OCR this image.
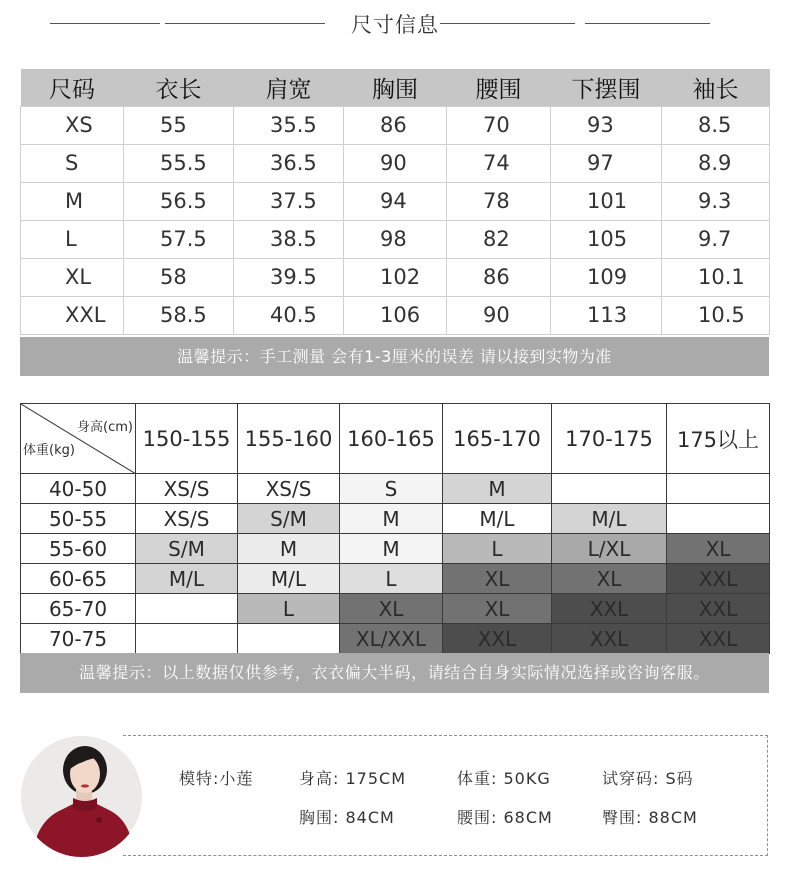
尺寸信息
尺码	衣长	肩宽	胸围	腰围	下摆围	袖长
XS	55	35.5	86	70	93	8.5
S	55.5	36.5	90	74	97	8.9
M	56.5	37.5	94	78	101	9.3
L	57.5	38.5	98	82	105	9.7
XL	58	39.5	102	86	109	10.1
XXL	58.5	40.5	106	90	113	10.5
温馨提示：手工测量 会有1-3厘米的误差 请以接到实物为准
身高(cm)
体重(kg)	150-155	155-160	160-165	165-170	170-175	175以上
40-50	XS/S	XS/S	S	M		
50-55	XS/S	S/M	M	M/L	M/L	
55-60	S/M	M	M	L	L/XL	XL
60-65	M/L	M/L	L	XL	XL	XXL
65-70		L	XL	XL	XXL	XXL
70-75			XL/XXL	XXL	XXL	XXL
温馨提示：以上数据仅供参考，衣衣偏大半码，请结合自身实际情况选择或咨询客服。
模特:小莲	身高: 175CM	体重: 50KG	试穿码: S码
胸围: 84CM	腰围: 68CM	臀围: 88CM
